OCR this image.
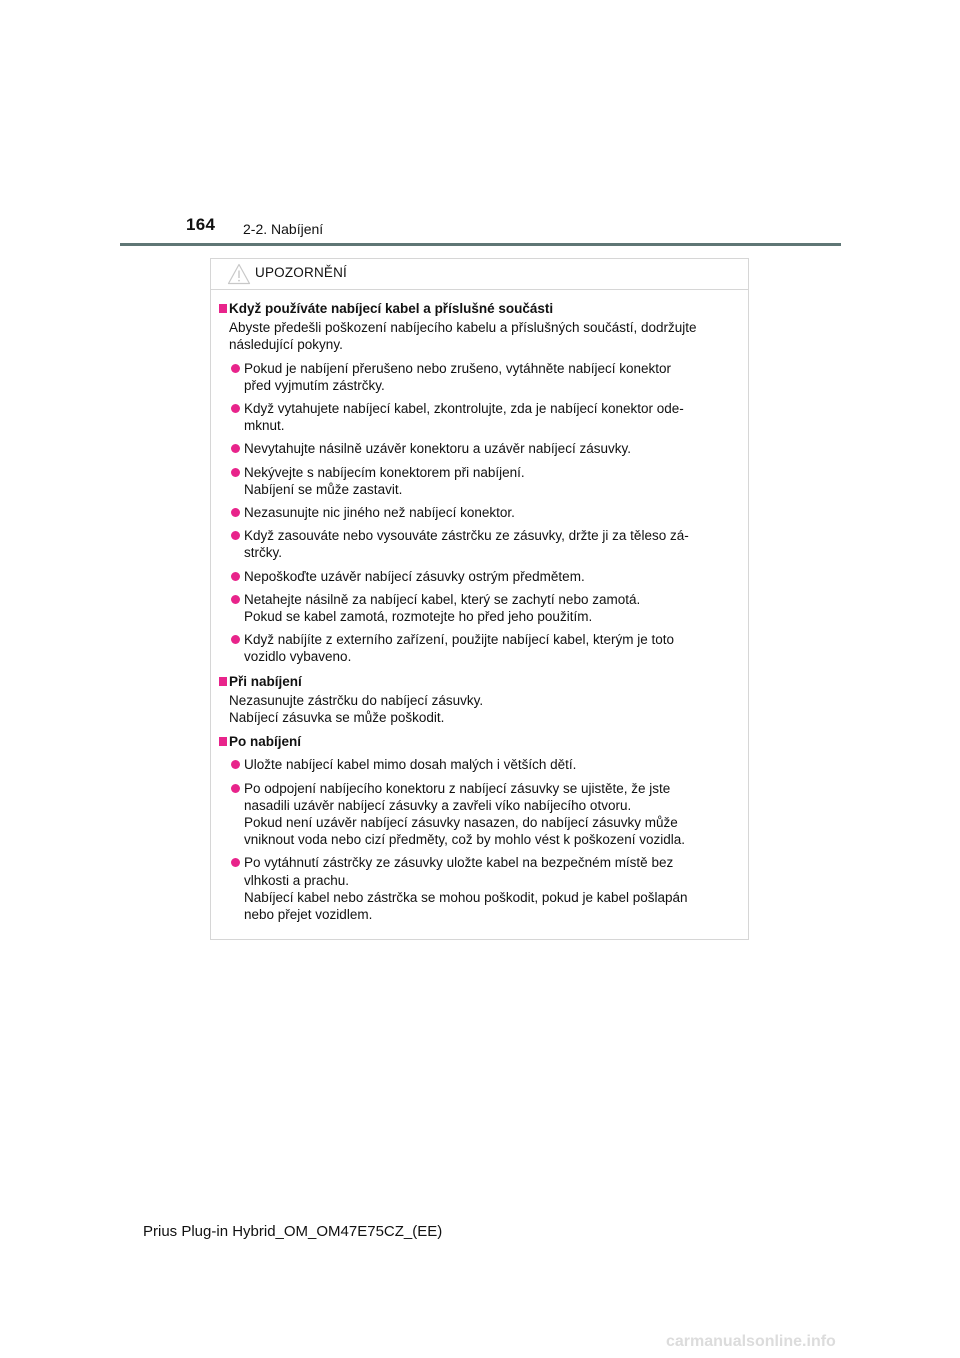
164 2-2. Nabíjení
UPOZORNĚNÍ
Když používáte nabíjecí kabel a příslušné součásti
Abyste předešli poškození nabíjecího kabelu a příslušných součástí, dodržujte
následující pokyny.
Pokud je nabíjení přerušeno nebo zrušeno, vytáhněte nabíjecí konektor
před vyjmutím zástrčky.
Když vytahujete nabíjecí kabel, zkontrolujte, zda je nabíjecí konektor ode-
mknut.
Nevytahujte násilně uzávěr konektoru a uzávěr nabíjecí zásuvky.
Nekývejte s nabíjecím konektorem při nabíjení.
Nabíjení se může zastavit.
Nezasunujte nic jiného než nabíjecí konektor.
Když zasouváte nebo vysouváte zástrčku ze zásuvky, držte ji za těleso zá-
strčky.
Nepoškoďte uzávěr nabíjecí zásuvky ostrým předmětem.
Netahejte násilně za nabíjecí kabel, který se zachytí nebo zamotá.
Pokud se kabel zamotá, rozmotejte ho před jeho použitím.
Když nabíjíte z externího zařízení, použijte nabíjecí kabel, kterým je toto
vozidlo vybaveno.
Při nabíjení
Nezasunujte zástrčku do nabíjecí zásuvky.
Nabíjecí zásuvka se může poškodit.
Po nabíjení
Uložte nabíjecí kabel mimo dosah malých i větších dětí.
Po odpojení nabíjecího konektoru z nabíjecí zásuvky se ujistěte, že jste
nasadili uzávěr nabíjecí zásuvky a zavřeli víko nabíjecího otvoru.
Pokud není uzávěr nabíjecí zásuvky nasazen, do nabíjecí zásuvky může
vniknout voda nebo cizí předměty, což by mohlo vést k poškození vozidla.
Po vytáhnutí zástrčky ze zásuvky uložte kabel na bezpečném místě bez
vlhkosti a prachu.
Nabíjecí kabel nebo zástrčka se mohou poškodit, pokud je kabel pošlapán
nebo přejet vozidlem.
Prius Plug-in Hybrid_OM_OM47E75CZ_(EE)
carmanualsonline.info
